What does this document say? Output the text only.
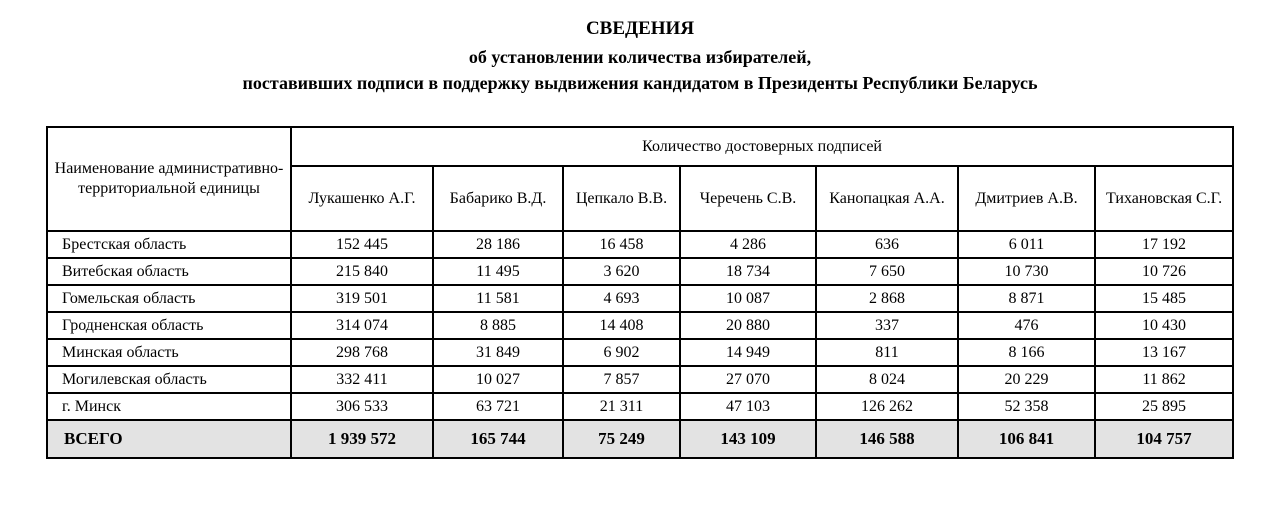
СВЕДЕНИЯ
об установлении количества избирателей,
поставивших подписи в поддержку выдвижения кандидатом в Президенты Республики Беларусь
Наименование административно-территориальной единицы	Количество достоверных подписей						
	Лукашенко А.Г.	Бабарико В.Д.	Цепкало В.В.	Черечень С.В.	Канопацкая А.А.	Дмитриев А.В.	Тихановская С.Г.
Брестская область	152 445	28 186	16 458	4 286	636	6 011	17 192
Витебская область	215 840	11 495	3 620	18 734	7 650	10 730	10 726
Гомельская область	319 501	11 581	4 693	10 087	2 868	8 871	15 485
Гродненская область	314 074	8 885	14 408	20 880	337	476	10 430
Минская область	298 768	31 849	6 902	14 949	811	8 166	13 167
Могилевская область	332 411	10 027	7 857	27 070	8 024	20 229	11 862
г. Минск	306 533	63 721	21 311	47 103	126 262	52 358	25 895
ВСЕГО	1 939 572	165 744	75 249	143 109	146 588	106 841	104 757
